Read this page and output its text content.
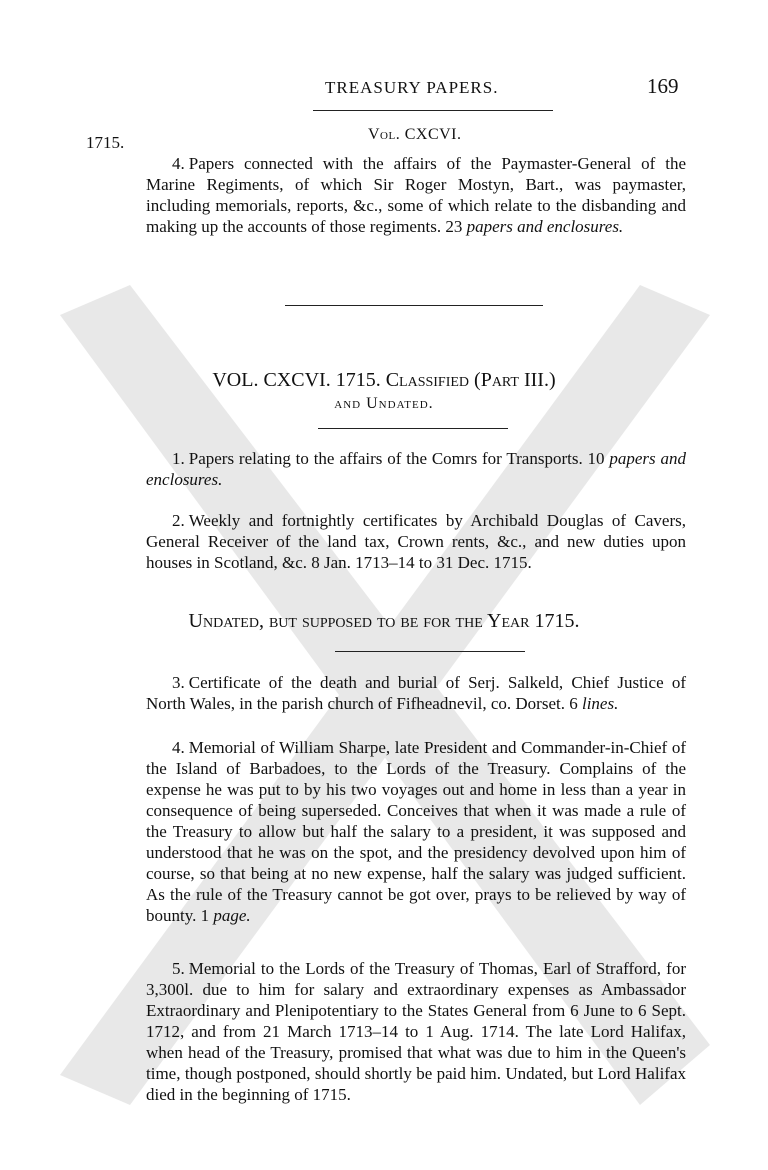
TREASURY PAPERS.	169
1715.	Vol. CXCVI.
4. Papers connected with the affairs of the Paymaster-General of the Marine Regiments, of which Sir Roger Mostyn, Bart., was paymaster, including memorials, reports, &c., some of which relate to the disbanding and making up the accounts of those regiments. 23 papers and enclosures.
VOL. CXCVI. 1715. Classified (Part III.)
and Undated.
1. Papers relating to the affairs of the Comrs for Transports. 10 papers and enclosures.
2. Weekly and fortnightly certificates by Archibald Douglas of Cavers, General Receiver of the land tax, Crown rents, &c., and new duties upon houses in Scotland, &c. 8 Jan. 1713–14 to 31 Dec. 1715.
Undated, but supposed to be for the Year 1715.
3. Certificate of the death and burial of Serj. Salkeld, Chief Justice of North Wales, in the parish church of Fifheadnevil, co. Dorset. 6 lines.
4. Memorial of William Sharpe, late President and Commander-in-Chief of the Island of Barbadoes, to the Lords of the Treasury. Complains of the expense he was put to by his two voyages out and home in less than a year in consequence of being superseded. Conceives that when it was made a rule of the Treasury to allow but half the salary to a president, it was supposed and understood that he was on the spot, and the presidency devolved upon him of course, so that being at no new expense, half the salary was judged sufficient. As the rule of the Treasury cannot be got over, prays to be relieved by way of bounty. 1 page.
5. Memorial to the Lords of the Treasury of Thomas, Earl of Strafford, for 3,300l. due to him for salary and extraordinary expenses as Ambassador Extraordinary and Plenipotentiary to the States General from 6 June to 6 Sept. 1712, and from 21 March 1713–14 to 1 Aug. 1714. The late Lord Halifax, when head of the Treasury, promised that what was due to him in the Queen's time, though postponed, should shortly be paid him. Undated, but Lord Halifax died in the beginning of 1715.
